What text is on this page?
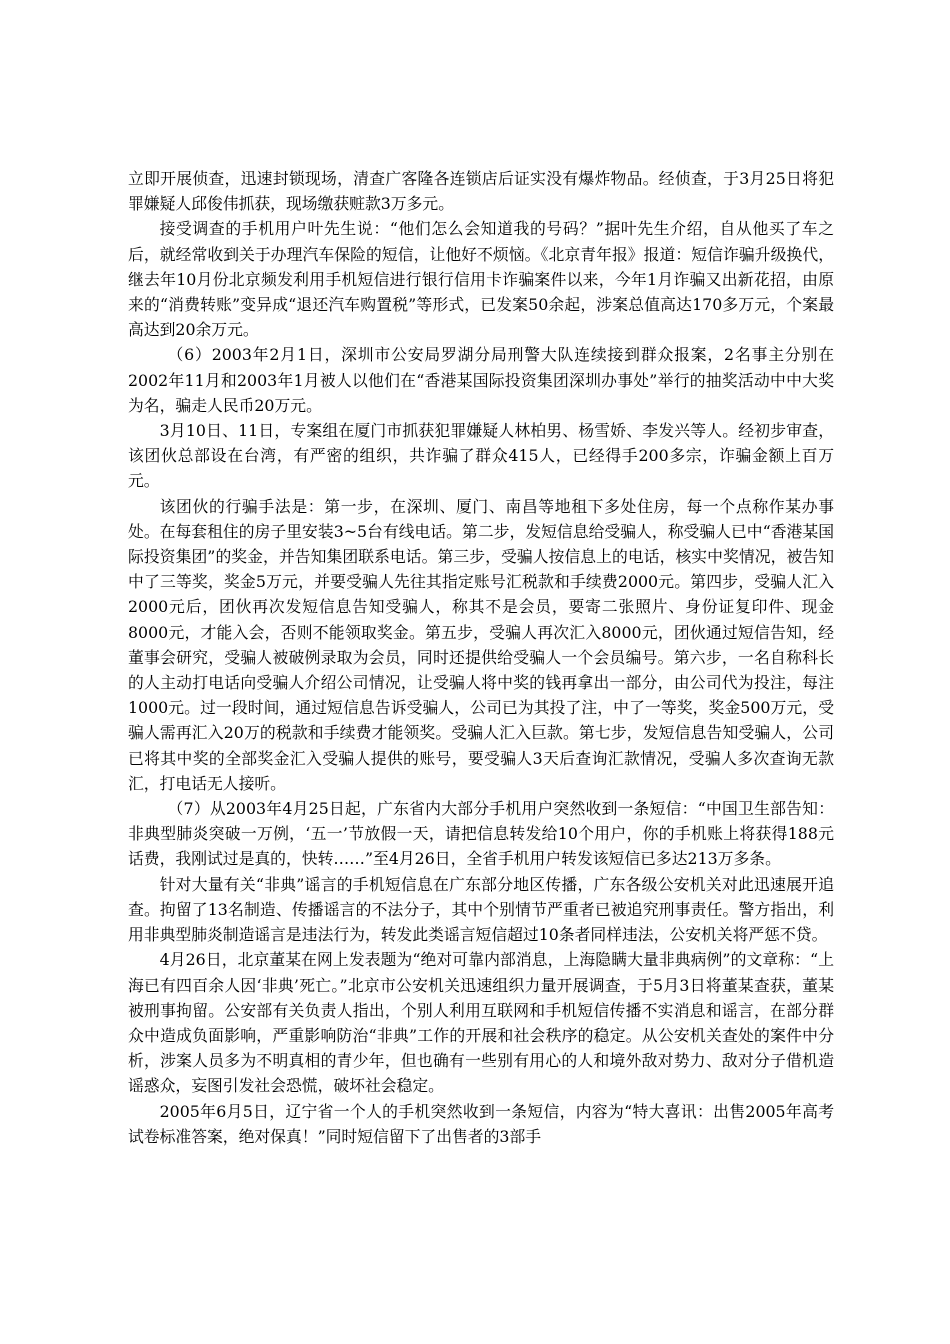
立即开展侦查，迅速封锁现场，清查广客隆各连锁店后证实没有爆炸物品。经侦查，于3月25日将犯罪嫌疑人邱俊伟抓获，现场缴获赃款3万多元。

接受调查的手机用户叶先生说：“他们怎么会知道我的号码？”据叶先生介绍，自从他买了车之后，就经常收到关于办理汽车保险的短信，让他好不烦恼。《北京青年报》报道：短信诈骗升级换代，继去年10月份北京频发利用手机短信进行银行信用卡诈骗案件以来，今年1月诈骗又出新花招，由原来的“消费转账”变异成“退还汽车购置税”等形式，已发案50余起，涉案总值高达170多万元，个案最高达到20余万元。

（6）2003年2月1日，深圳市公安局罗湖分局刑警大队连续接到群众报案，2名事主分别在2002年11月和2003年1月被人以他们在“香港某国际投资集团深圳办事处”举行的抽奖活动中中大奖为名，骗走人民币20万元。

3月10日、11日，专案组在厦门市抓获犯罪嫌疑人林柏男、杨雪娇、李发兴等人。经初步审查，该团伙总部设在台湾，有严密的组织，共诈骗了群众415人，已经得手200多宗，诈骗金额上百万元。

该团伙的行骗手法是：第一步，在深圳、厦门、南昌等地租下多处住房，每一个点称作某办事处。在每套租住的房子里安装3~5台有线电话。第二步，发短信息给受骗人，称受骗人已中“香港某国际投资集团”的奖金，并告知集团联系电话。第三步，受骗人按信息上的电话，核实中奖情况，被告知中了三等奖，奖金5万元，并要受骗人先往其指定账号汇税款和手续费2000元。第四步，受骗人汇入2000元后，团伙再次发短信息告知受骗人，称其不是会员，要寄二张照片、身份证复印件、现金8000元，才能入会，否则不能领取奖金。第五步，受骗人再次汇入8000元，团伙通过短信告知，经董事会研究，受骗人被破例录取为会员，同时还提供给受骗人一个会员编号。第六步，一名自称科长的人主动打电话向受骗人介绍公司情况，让受骗人将中奖的钱再拿出一部分，由公司代为投注，每注1000元。过一段时间，通过短信息告诉受骗人，公司已为其投了注，中了一等奖，奖金500万元，受骗人需再汇入20万的税款和手续费才能领奖。受骗人汇入巨款。第七步，发短信息告知受骗人，公司已将其中奖的全部奖金汇入受骗人提供的账号，要受骗人3天后查询汇款情况，受骗人多次查询无款汇，打电话无人接听。

（7）从2003年4月25日起，广东省内大部分手机用户突然收到一条短信：“中国卫生部告知：非典型肺炎突破一万例，‘五一’节放假一天，请把信息转发给10个用户，你的手机账上将获得188元话费，我刚试过是真的，快转……”至4月26日，全省手机用户转发该短信已多达213万多条。

针对大量有关“非典”谣言的手机短信息在广东部分地区传播，广东各级公安机关对此迅速展开追查。拘留了13名制造、传播谣言的不法分子，其中个别情节严重者已被追究刑事责任。警方指出，利用非典型肺炎制造谣言是违法行为，转发此类谣言短信超过10条者同样违法，公安机关将严惩不贷。

4月26日，北京董某在网上发表题为“绝对可靠内部消息，上海隐瞒大量非典病例”的文章称：“上海已有四百余人因‘非典’死亡。”北京市公安机关迅速组织力量开展调查，于5月3日将董某查获，董某被刑事拘留。公安部有关负责人指出，个别人利用互联网和手机短信传播不实消息和谣言，在部分群众中造成负面影响，严重影响防治“非典”工作的开展和社会秩序的稳定。从公安机关查处的案件中分析，涉案人员多为不明真相的青少年，但也确有一些别有用心的人和境外敌对势力、敌对分子借机造谣惑众，妄图引发社会恐慌，破坏社会稳定。

2005年6月5日，辽宁省一个人的手机突然收到一条短信，内容为“特大喜讯：出售2005年高考试卷标准答案，绝对保真！”同时短信留下了出售者的3部手
